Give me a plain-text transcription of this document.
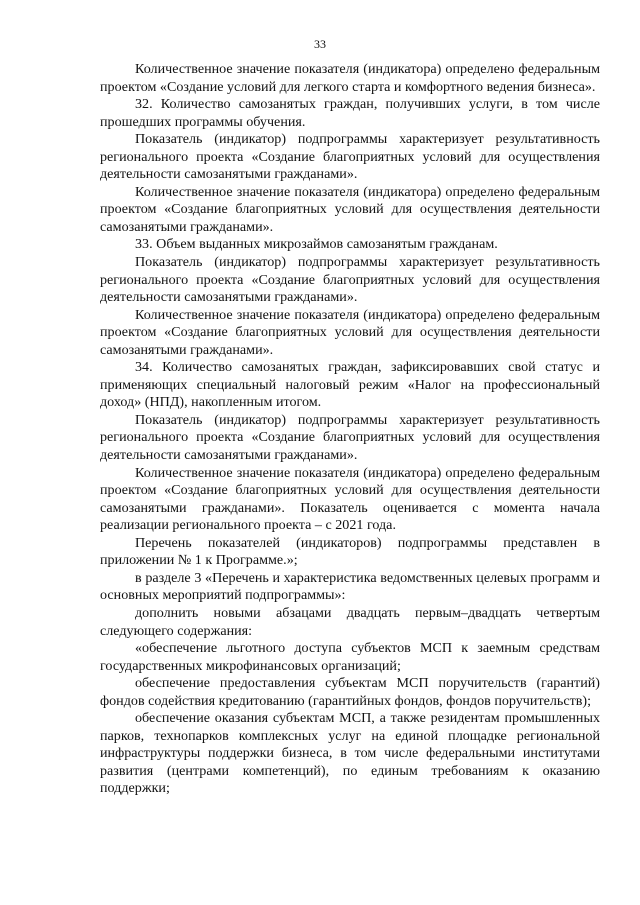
33

Количественное значение показателя (индикатора) определено федеральным проектом «Создание условий для легкого старта и комфортного ведения бизнеса».

32. Количество самозанятых граждан, получивших услуги, в том числе прошедших программы обучения.

Показатель (индикатор) подпрограммы характеризует результативность регионального проекта «Создание благоприятных условий для осуществления деятельности самозанятыми гражданами».

Количественное значение показателя (индикатора) определено федеральным проектом «Создание благоприятных условий для осуществления деятельности самозанятыми гражданами».

33. Объем выданных микрозаймов самозанятым гражданам.

Показатель (индикатор) подпрограммы характеризует результативность регионального проекта «Создание благоприятных условий для осуществления деятельности самозанятыми гражданами».

Количественное значение показателя (индикатора) определено федеральным проектом «Создание благоприятных условий для осуществления деятельности самозанятыми гражданами».

34. Количество самозанятых граждан, зафиксировавших свой статус и применяющих специальный налоговый режим «Налог на профессиональный доход» (НПД), накопленным итогом.

Показатель (индикатор) подпрограммы характеризует результативность регионального проекта «Создание благоприятных условий для осуществления деятельности самозанятыми гражданами».

Количественное значение показателя (индикатора) определено федеральным проектом «Создание благоприятных условий для осуществления деятельности самозанятыми гражданами». Показатель оценивается с момента начала реализации регионального проекта – с 2021 года.

Перечень показателей (индикаторов) подпрограммы представлен в приложении № 1 к Программе.»;

в разделе 3 «Перечень и характеристика ведомственных целевых программ и основных мероприятий подпрограммы»:

дополнить новыми абзацами двадцать первым–двадцать четвертым следующего содержания:

«обеспечение льготного доступа субъектов МСП к заемным средствам государственных микрофинансовых организаций;

обеспечение предоставления субъектам МСП поручительств (гарантий) фондов содействия кредитованию (гарантийных фондов, фондов поручительств);

обеспечение оказания субъектам МСП, а также резидентам промышленных парков, технопарков комплексных услуг на единой площадке региональной инфраструктуры поддержки бизнеса, в том числе федеральными институтами развития (центрами компетенций), по единым требованиям к оказанию поддержки;
